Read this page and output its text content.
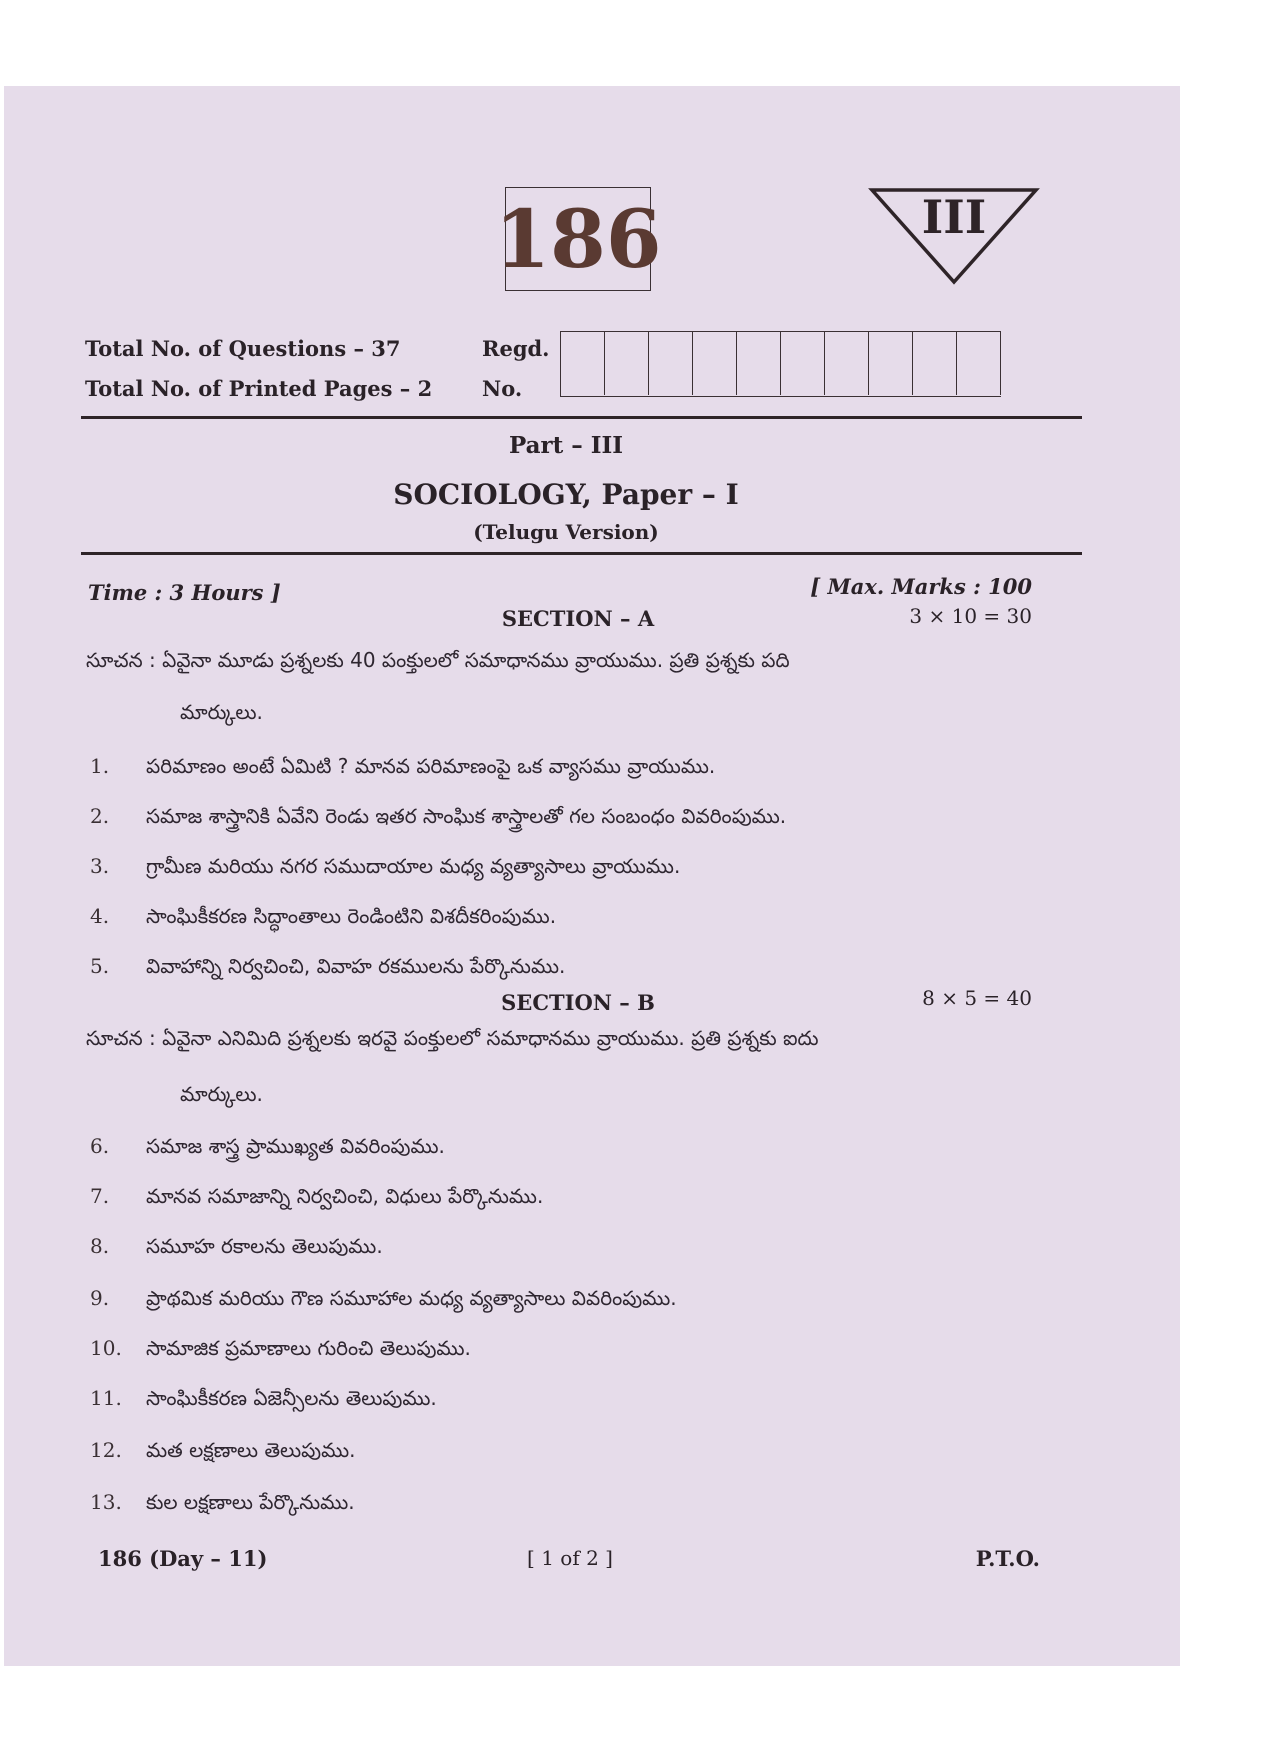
186	III
Total No. of Questions – 37
Total No. of Printed Pages – 2
Regd.
No.
Part – III
SOCIOLOGY, Paper – I
(Telugu Version)
Time : 3 Hours ]	[ Max. Marks : 100
SECTION – A	3 × 10 = 30
సూచన : ఏవైనా మూడు ప్రశ్నలకు 40 పంక్తులలో సమాధానము వ్రాయుము. ప్రతి ప్రశ్నకు పది
మార్కులు.
1. పరిమాణం అంటే ఏమిటి ? మానవ పరిమాణంపై ఒక వ్యాసము వ్రాయుము.
2. సమాజ శాస్త్రానికి ఏవేని రెండు ఇతర సాంఘిక శాస్త్రాలతో గల సంబంధం వివరింపుము.
3. గ్రామీణ మరియు నగర సముదాయాల మధ్య వ్యత్యాసాలు వ్రాయుము.
4. సాంఘికీకరణ సిద్ధాంతాలు రెండింటిని విశదీకరింపుము.
5. వివాహాన్ని నిర్వచించి, వివాహ రకములను పేర్కొనుము.
SECTION – B	8 × 5 = 40
సూచన : ఏవైనా ఎనిమిది ప్రశ్నలకు ఇరవై పంక్తులలో సమాధానము వ్రాయుము. ప్రతి ప్రశ్నకు ఐదు
మార్కులు.
6. సమాజ శాస్త్ర ప్రాముఖ్యత వివరింపుము.
7. మానవ సమాజాన్ని నిర్వచించి, విధులు పేర్కొనుము.
8. సమూహ రకాలను తెలుపుము.
9. ప్రాథమిక మరియు గౌణ సమూహాల మధ్య వ్యత్యాసాలు వివరింపుము.
10. సామాజిక ప్రమాణాలు గురించి తెలుపుము.
11. సాంఘికీకరణ ఏజెన్సీలను తెలుపుము.
12. మత లక్షణాలు తెలుపుము.
13. కుల లక్షణాలు పేర్కొనుము.
186 (Day – 11)	[ 1 of 2 ]	P.T.O.
